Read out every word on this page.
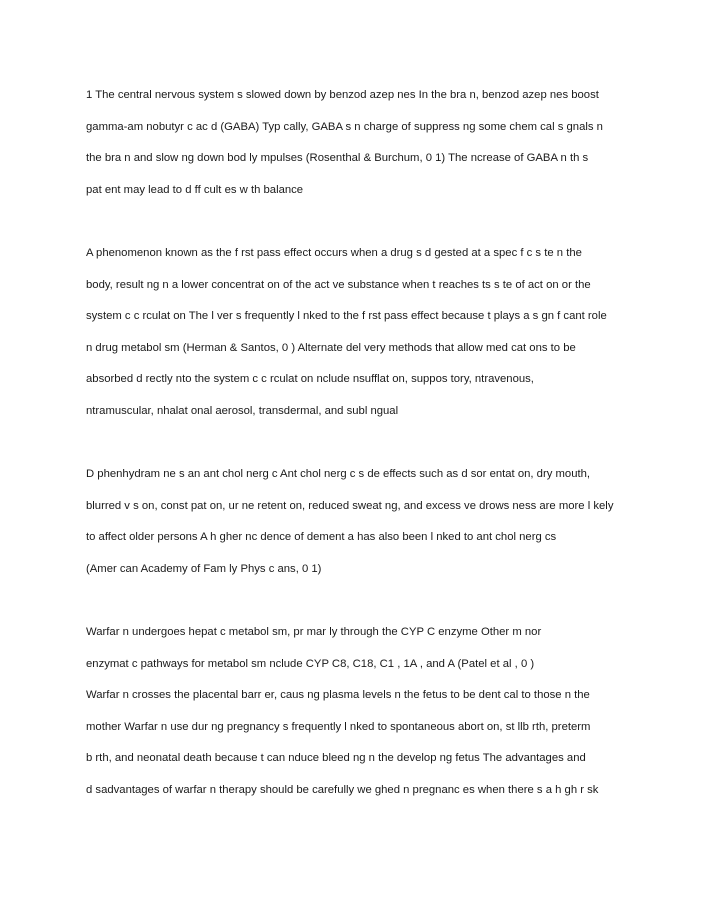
1 The central nervous system s slowed down by benzod azep nes In the bra n, benzod azep nes boost
gamma-am nobutyr c ac d (GABA) Typ cally, GABA s n charge of suppress ng some chem cal s gnals n
the bra n and slow ng down bod ly mpulses (Rosenthal & Burchum, 0 1) The ncrease of GABA n th s
pat ent may lead to d ff cult es w th balance

A phenomenon known as the f rst pass effect occurs when a drug s d gested at a spec f c s te n the
body, result ng n a lower concentrat on of the act ve substance when t reaches ts s te of act on or the
system c c rculat on The l ver s frequently l nked to the f rst pass effect because t plays a s gn f cant role
n drug metabol sm (Herman & Santos, 0 ) Alternate del very methods that allow med cat ons to be
absorbed d rectly nto the system c c rculat on nclude nsufflat on, suppos tory, ntravenous,
ntramuscular, nhalat onal aerosol, transdermal, and subl ngual

D phenhydram ne s an ant chol nerg c Ant chol nerg c s de effects such as d sor entat on, dry mouth,
blurred v s on, const pat on, ur ne retent on, reduced sweat ng, and excess ve drows ness are more l kely
to affect older persons A h gher nc dence of dement a has also been l nked to ant chol nerg cs
(Amer can Academy of Fam ly Phys c ans, 0 1)

Warfar n undergoes hepat c metabol sm, pr mar ly through the CYP C enzyme Other m nor
enzymat c pathways for metabol sm nclude CYP C8, C18, C1 , 1A , and A (Patel et al , 0 )
Warfar n crosses the placental barr er, caus ng plasma levels n the fetus to be dent cal to those n the
mother Warfar n use dur ng pregnancy s frequently l nked to spontaneous abort on, st llb rth, preterm
b rth, and neonatal death because t can nduce bleed ng n the develop ng fetus The advantages and
d sadvantages of warfar n therapy should be carefully we ghed n pregnanc es when there s a h gh r sk
